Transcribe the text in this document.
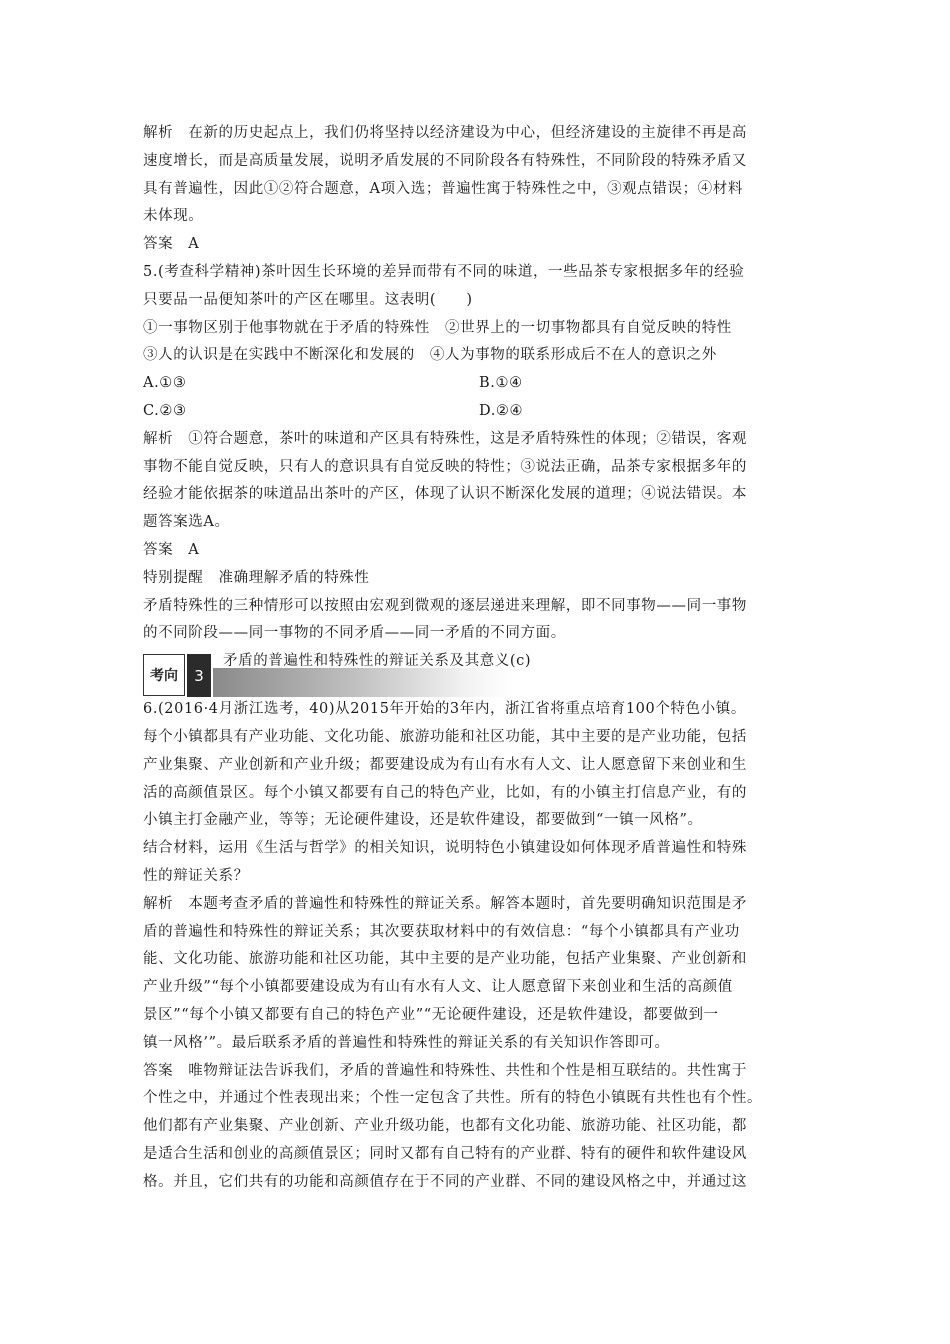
解析　在新的历史起点上，我们仍将坚持以经济建设为中心，但经济建设的主旋律不再是高
速度增长，而是高质量发展，说明矛盾发展的不同阶段各有特殊性，不同阶段的特殊矛盾又
具有普遍性，因此①②符合题意，A项入选；普遍性寓于特殊性之中，③观点错误；④材料
未体现。
答案　A
5.(考查科学精神)茶叶因生长环境的差异而带有不同的味道，一些品茶专家根据多年的经验
只要品一品便知茶叶的产区在哪里。这表明(　　)
①一事物区别于他事物就在于矛盾的特殊性　②世界上的一切事物都具有自觉反映的特性
③人的认识是在实践中不断深化和发展的　④人为事物的联系形成后不在人的意识之外
A.①③	B.①④
C.②③	D.②④
解析　①符合题意，茶叶的味道和产区具有特殊性，这是矛盾特殊性的体现；②错误，客观
事物不能自觉反映，只有人的意识具有自觉反映的特性；③说法正确，品茶专家根据多年的
经验才能依据茶的味道品出茶叶的产区，体现了认识不断深化发展的道理；④说法错误。本
题答案选A。
答案　A
特别提醒　准确理解矛盾的特殊性
矛盾特殊性的三种情形可以按照由宏观到微观的逐层递进来理解，即不同事物——同一事物
的不同阶段——同一事物的不同矛盾——同一矛盾的不同方面。
考向	3
矛盾的普遍性和特殊性的辩证关系及其意义(c)
6.(2016·4月浙江选考，40)从2015年开始的3年内，浙江省将重点培育100个特色小镇。
每个小镇都具有产业功能、文化功能、旅游功能和社区功能，其中主要的是产业功能，包括
产业集聚、产业创新和产业升级；都要建设成为有山有水有人文、让人愿意留下来创业和生
活的高颜值景区。每个小镇又都要有自己的特色产业，比如，有的小镇主打信息产业，有的
小镇主打金融产业，等等；无论硬件建设，还是软件建设，都要做到“一镇一风格”。
结合材料，运用《生活与哲学》的相关知识，说明特色小镇建设如何体现矛盾普遍性和特殊
性的辩证关系？
解析　本题考查矛盾的普遍性和特殊性的辩证关系。解答本题时，首先要明确知识范围是矛
盾的普遍性和特殊性的辩证关系；其次要获取材料中的有效信息：“每个小镇都具有产业功
能、文化功能、旅游功能和社区功能，其中主要的是产业功能，包括产业集聚、产业创新和
产业升级”“每个小镇都要建设成为有山有水有人文、让人愿意留下来创业和生活的高颜值
景区”“每个小镇又都要有自己的特色产业”“无论硬件建设，还是软件建设，都要做到一
镇一风格’”。最后联系矛盾的普遍性和特殊性的辩证关系的有关知识作答即可。
答案　唯物辩证法告诉我们，矛盾的普遍性和特殊性、共性和个性是相互联结的。共性寓于
个性之中，并通过个性表现出来；个性一定包含了共性。所有的特色小镇既有共性也有个性。
他们都有产业集聚、产业创新、产业升级功能，也都有文化功能、旅游功能、社区功能，都
是适合生活和创业的高颜值景区；同时又都有自己特有的产业群、特有的硬件和软件建设风
格。并且，它们共有的功能和高颜值存在于不同的产业群、不同的建设风格之中，并通过这
